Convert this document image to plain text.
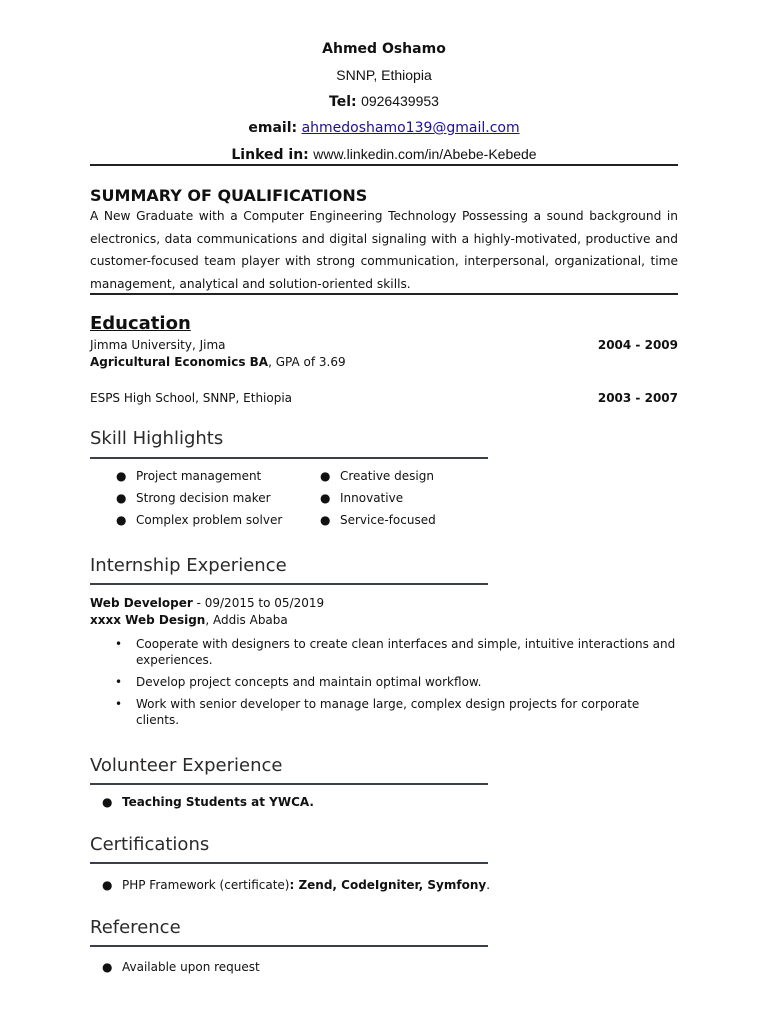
Ahmed Oshamo
SNNP, Ethiopia
Tel: 0926439953
email: ahmedoshamo139@gmail.com
Linked in: www.linkedin.com/in/Abebe-Kebede
SUMMARY OF QUALIFICATIONS

A New Graduate with a Computer Engineering Technology Possessing a sound background in electronics, data communications and digital signaling with a highly-motivated, productive and customer-focused team player with strong communication, interpersonal, organizational, time management, analytical and solution-oriented skills.

Education
Jimma University, Jima	2004 - 2009
Agricultural Economics BA, GPA of 3.69
ESPS High School, SNNP, Ethiopia	2003 - 2007
Skill Highlights
● Project management
● Strong decision maker
● Complex problem solver
● Creative design
● Innovative
● Service-focused
Internship Experience
Web Developer - 09/2015 to 05/2019
xxxx Web Design, Addis Ababa
• Cooperate with designers to create clean interfaces and simple, intuitive interactions and experiences.
• Develop project concepts and maintain optimal workflow.
• Work with senior developer to manage large, complex design projects for corporate clients.
Volunteer Experience
● Teaching Students at YWCA.
Certifications
● PHP Framework (certificate): Zend, CodeIgniter, Symfony.
Reference
● Available upon request
